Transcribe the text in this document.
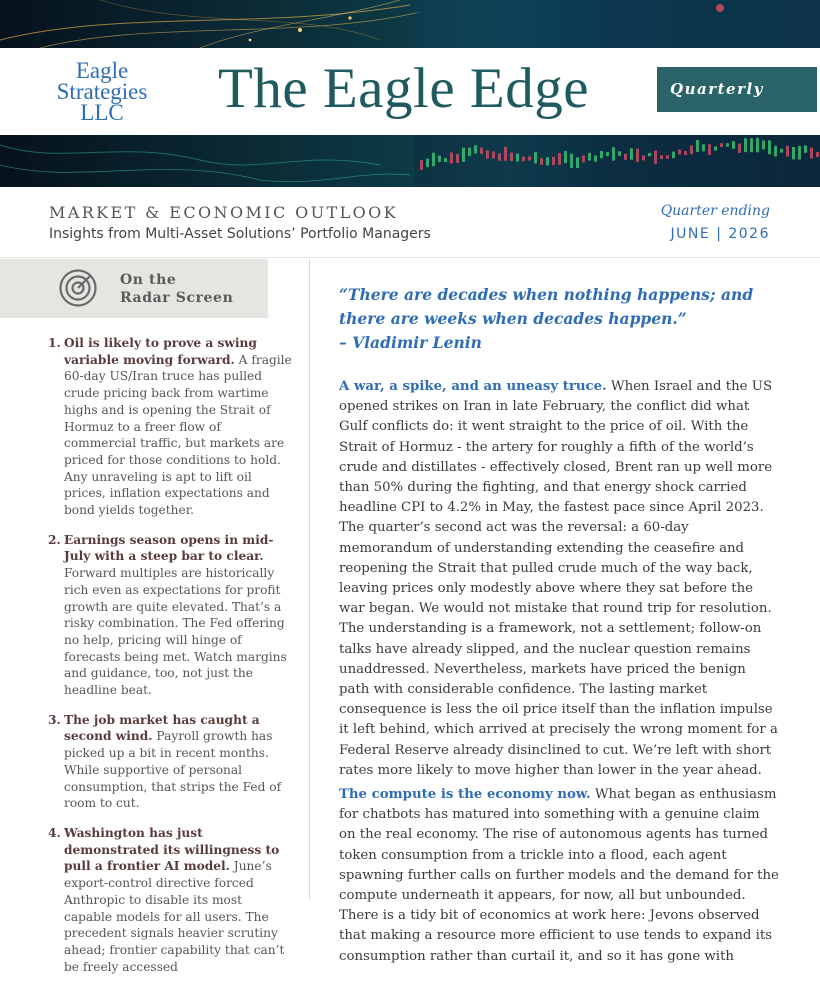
Eagle
Strategies
LLC	The Eagle Edge	Quarterly
MARKET & ECONOMIC OUTLOOK
Insights from Multi-Asset Solutions’ Portfolio Managers
Quarter ending
JUNE | 2026
On the
Radar Screen
1. Oil is likely to prove a swing variable moving forward. A fragile 60-day US/Iran truce has pulled crude pricing back from wartime highs and is opening the Strait of Hormuz to a freer flow of commercial traffic, but markets are priced for those conditions to hold. Any unraveling is apt to lift oil prices, inflation expectations and bond yields together.
2. Earnings season opens in mid-July with a steep bar to clear. Forward multiples are historically rich even as expectations for profit growth are quite elevated. That’s a risky combination. The Fed offering no help, pricing will hinge of forecasts being met. Watch margins and guidance, too, not just the headline beat.
3. The job market has caught a second wind. Payroll growth has picked up a bit in recent months. While supportive of personal consumption, that strips the Fed of room to cut.
4. Washington has just demonstrated its willingness to pull a frontier AI model. June’s export-control directive forced Anthropic to disable its most capable models for all users. The precedent signals heavier scrutiny ahead; frontier capability that can’t be freely accessed
“There are decades when nothing happens; and there are weeks when decades happen.”
– Vladimir Lenin

A war, a spike, and an uneasy truce. When Israel and the US opened strikes on Iran in late February, the conflict did what Gulf conflicts do: it went straight to the price of oil. With the Strait of Hormuz - the artery for roughly a fifth of the world’s crude and distillates - effectively closed, Brent ran up well more than 50% during the fighting, and that energy shock carried headline CPI to 4.2% in May, the fastest pace since April 2023. The quarter’s second act was the reversal: a 60-day memorandum of understanding extending the ceasefire and reopening the Strait that pulled crude much of the way back, leaving prices only modestly above where they sat before the war began. We would not mistake that round trip for resolution. The understanding is a framework, not a settlement; follow-on talks have already slipped, and the nuclear question remains unaddressed. Nevertheless, markets have priced the benign path with considerable confidence. The lasting market consequence is less the oil price itself than the inflation impulse it left behind, which arrived at precisely the wrong moment for a Federal Reserve already disinclined to cut. We’re left with short rates more likely to move higher than lower in the year ahead.

The compute is the economy now. What began as enthusiasm for chatbots has matured into something with a genuine claim on the real economy. The rise of autonomous agents has turned token consumption from a trickle into a flood, each agent spawning further calls on further models and the demand for the compute underneath it appears, for now, all but unbounded. There is a tidy bit of economics at work here: Jevons observed that making a resource more efficient to use tends to expand its consumption rather than curtail it, and so it has gone with
